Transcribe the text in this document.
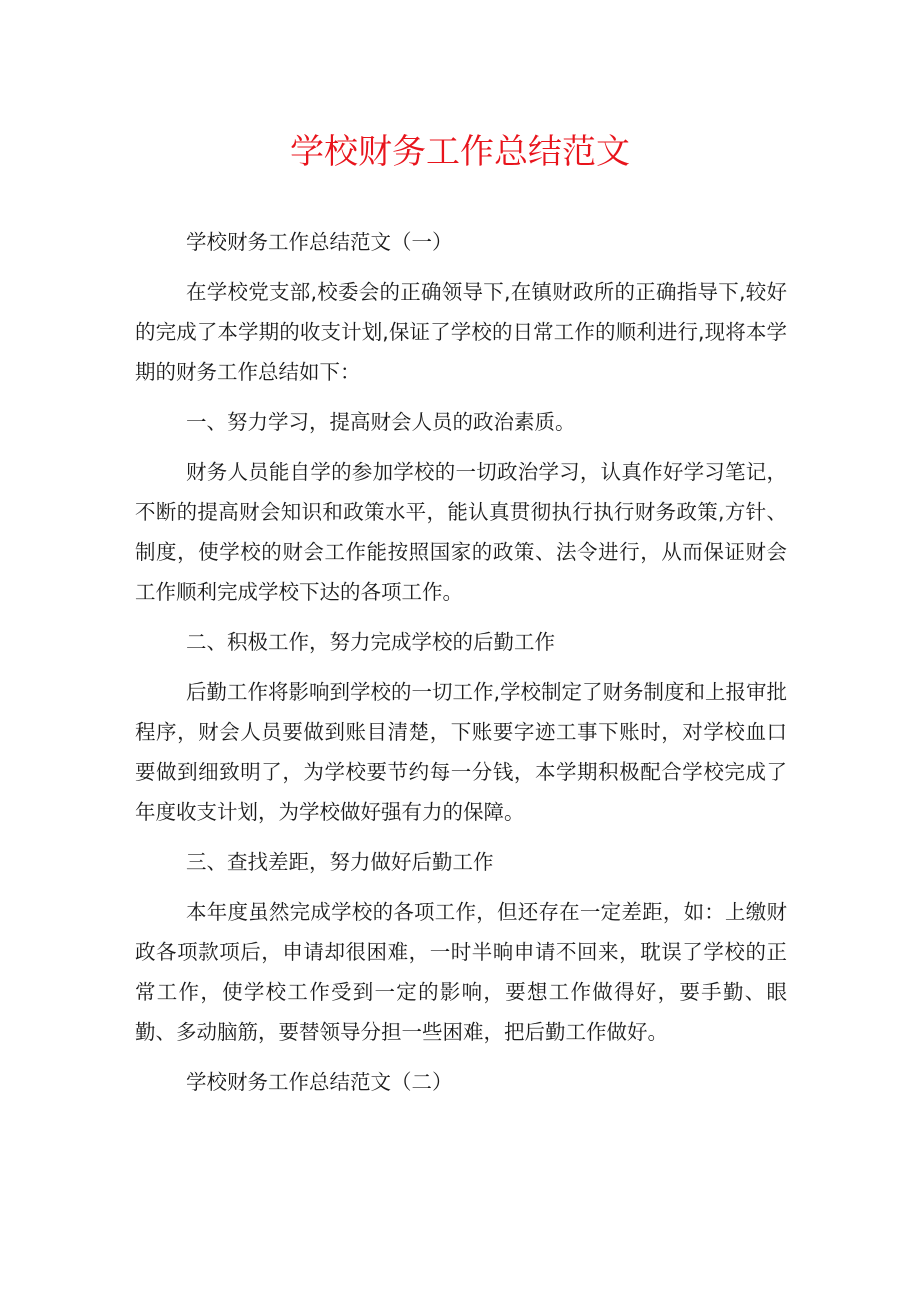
学校财务工作总结范文

学校财务工作总结范文（一）

在学校党支部,校委会的正确领导下,在镇财政所的正确指导下,较好的完成了本学期的收支计划,保证了学校的日常工作的顺利进行,现将本学期的财务工作总结如下：

一、努力学习，提高财会人员的政治素质。

财务人员能自学的参加学校的一切政治学习，认真作好学习笔记，不断的提高财会知识和政策水平，能认真贯彻执行执行财务政策,方针、制度，使学校的财会工作能按照国家的政策、法令进行，从而保证财会工作顺利完成学校下达的各项工作。

二、积极工作，努力完成学校的后勤工作

后勤工作将影响到学校的一切工作,学校制定了财务制度和上报审批程序，财会人员要做到账目清楚，下账要字迹工事下账时，对学校血口要做到细致明了，为学校要节约每一分钱，本学期积极配合学校完成了年度收支计划，为学校做好强有力的保障。

三、查找差距，努力做好后勤工作

本年度虽然完成学校的各项工作，但还存在一定差距，如：上缴财政各项款项后，申请却很困难，一时半晌申请不回来，耽误了学校的正常工作，使学校工作受到一定的影响，要想工作做得好，要手勤、眼勤、多动脑筋，要替领导分担一些困难，把后勤工作做好。

学校财务工作总结范文（二）
